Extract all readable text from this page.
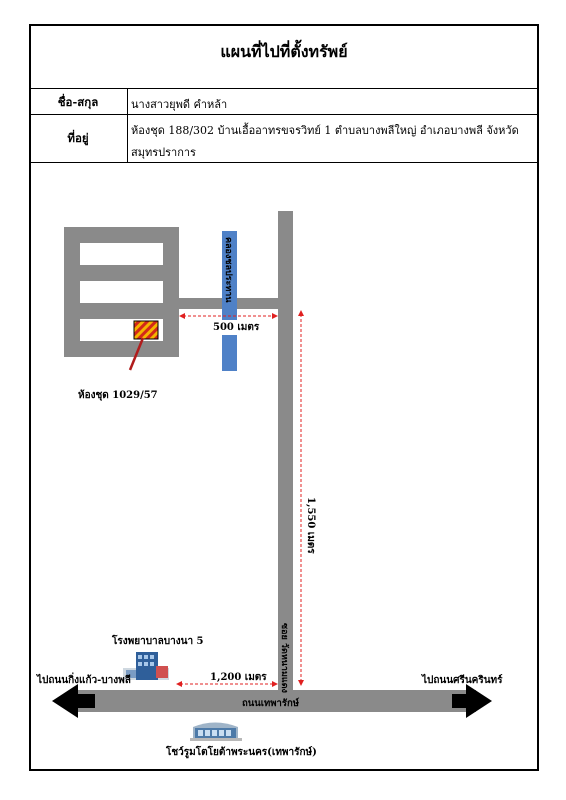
แผนที่ไปที่ตั้งทรัพย์
ชื่อ-สกุล	นางสาวยุพดี คำหล้า
ที่อยู่
ห้องชุด 188/302 บ้านเอื้ออาทรขจรวิทย์ 1 ตำบลบางพลีใหญ่ อำเภอบางพลี จังหวัด
สมุทรปราการ
คลองชลประทาน
500 เมตร
1,550 เมตร
1,200 เมตร
ห้องชุด 1029/57
ซอย วัดหนามแดง
ถนนเทพารักษ์
ไปถนนกิ่งแก้ว-บางพลี	ไปถนนศรีนครินทร์
โรงพยาบาลบางนา 5
โชว์รูมโตโยต้าพระนคร(เทพารักษ์)
